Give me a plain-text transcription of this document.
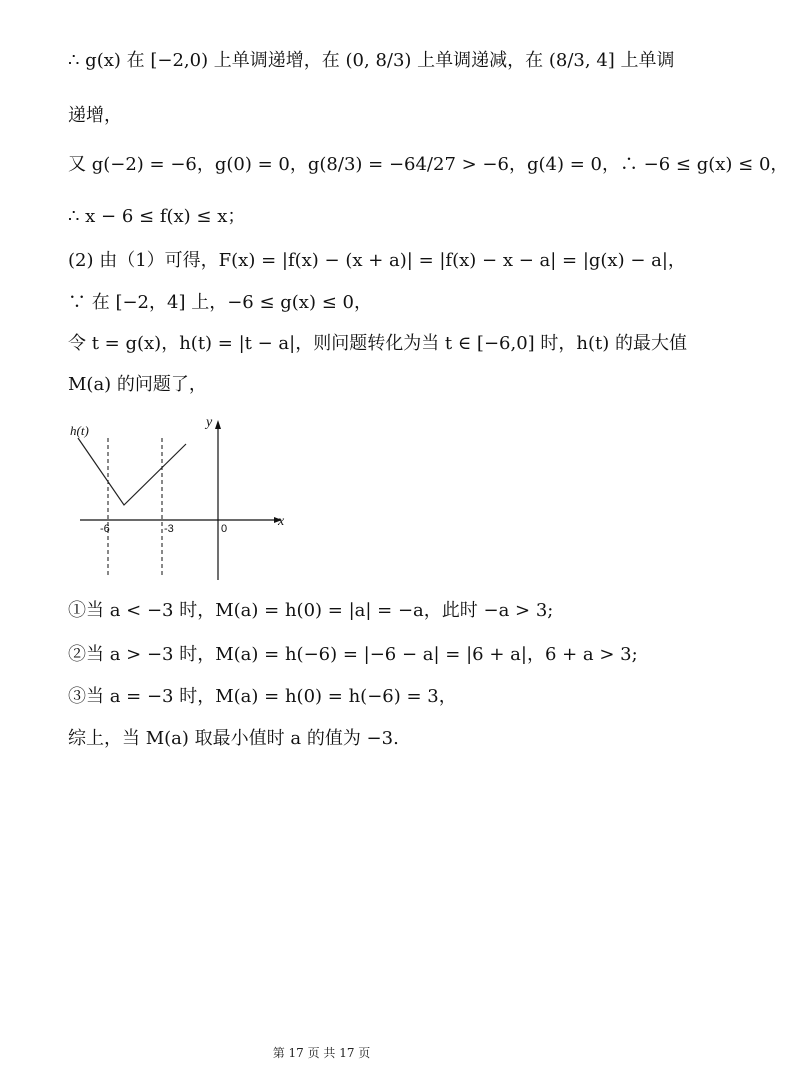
∴ g(x) 在 [−2,0) 上单调递增，在 (0, 8/3) 上单调递减，在 (8/3, 4] 上单调
递增，
又 g(−2) = −6，g(0) = 0，g(8/3) = −64/27 > −6，g(4) = 0，∴ −6 ≤ g(x) ≤ 0，
∴ x − 6 ≤ f(x) ≤ x；
(2) 由（1）可得，F(x) = |f(x) − (x + a)| = |f(x) − x − a| = |g(x) − a|，
∵ 在 [−2，4] 上，−6 ≤ g(x) ≤ 0，
令 t = g(x)，h(t) = |t − a|，则问题转化为当 t ∈ [−6,0] 时，h(t) 的最大值
M(a) 的问题了，
h(t)
y
x
-6	-3	0
①当 a < −3 时，M(a) = h(0) = |a| = −a，此时 −a > 3;
②当 a > −3 时，M(a) = h(−6) = |−6 − a| = |6 + a|，6 + a > 3;
③当 a = −3 时，M(a) = h(0) = h(−6) = 3，
综上，当 M(a) 取最小值时 a 的值为 −3.
第 17 页 共 17 页
